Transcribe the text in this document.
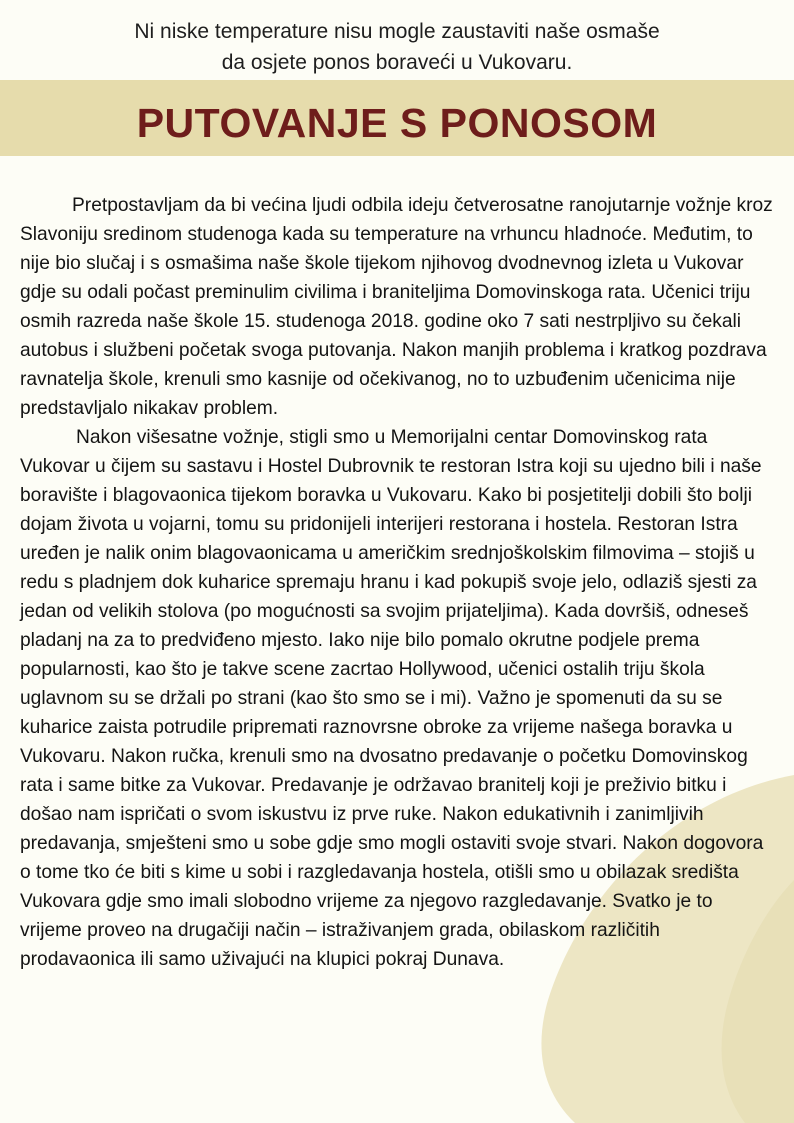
Ni niske temperature nisu mogle zaustaviti naše osmaše
da osjete ponos boraveći u Vukovaru.
PUTOVANJE S PONOSOM

Pretpostavljam da bi većina ljudi odbila ideju četverosatne ranojutarnje vožnje kroz Slavoniju sredinom studenoga kada su temperature na vrhuncu hladnoće. Međutim, to nije bio slučaj i s osmašima naše škole tijekom njihovog dvodnevnog izleta u Vukovar gdje su odali počast preminulim civilima i braniteljima Domovinskoga rata. Učenici triju osmih razreda naše škole 15. studenoga 2018. godine oko 7 sati nestrpljivo su čekali autobus i službeni početak svoga putovanja. Nakon manjih problema i kratkog pozdrava ravnatelja škole, krenuli smo kasnije od očekivanog, no to uzbuđenim učenicima nije predstavljalo nikakav problem.

Nakon višesatne vožnje, stigli smo u Memorijalni centar Domovinskog rata Vukovar u čijem su sastavu i Hostel Dubrovnik te restoran Istra koji su ujedno bili i naše boravište i blagovaonica tijekom boravka u Vukovaru. Kako bi posjetitelji dobili što bolji dojam života u vojarni, tomu su pridonijeli interijeri restorana i hostela. Restoran Istra uređen je nalik onim blagovaonicama u američkim srednjoškolskim filmovima – stojiš u redu s pladnjem dok kuharice spremaju hranu i kad pokupiš svoje jelo, odlaziš sjesti za jedan od velikih stolova (po mogućnosti sa svojim prijateljima). Kada dovršiš, odneseš pladanj na za to predviđeno mjesto. Iako nije bilo pomalo okrutne podjele prema popularnosti, kao što je takve scene zacrtao Hollywood, učenici ostalih triju škola uglavnom su se držali po strani (kao što smo se i mi). Važno je spomenuti da su se kuharice zaista potrudile pripremati raznovrsne obroke za vrijeme našega boravka u Vukovaru. Nakon ručka, krenuli smo na dvosatno predavanje o početku Domovinskog rata i same bitke za Vukovar. Predavanje je održavao branitelj koji je preživio bitku i došao nam ispričati o svom iskustvu iz prve ruke. Nakon edukativnih i zanimljivih predavanja, smješteni smo u sobe gdje smo mogli ostaviti svoje stvari. Nakon dogovora o tome tko će biti s kime u sobi i razgledavanja hostela, otišli smo u obilazak središta Vukovara gdje smo imali slobodno vrijeme za njegovo razgledavanje. Svatko je to vrijeme proveo na drugačiji način – istraživanjem grada, obilaskom različitih prodavaonica ili samo uživajući na klupici pokraj Dunava.
